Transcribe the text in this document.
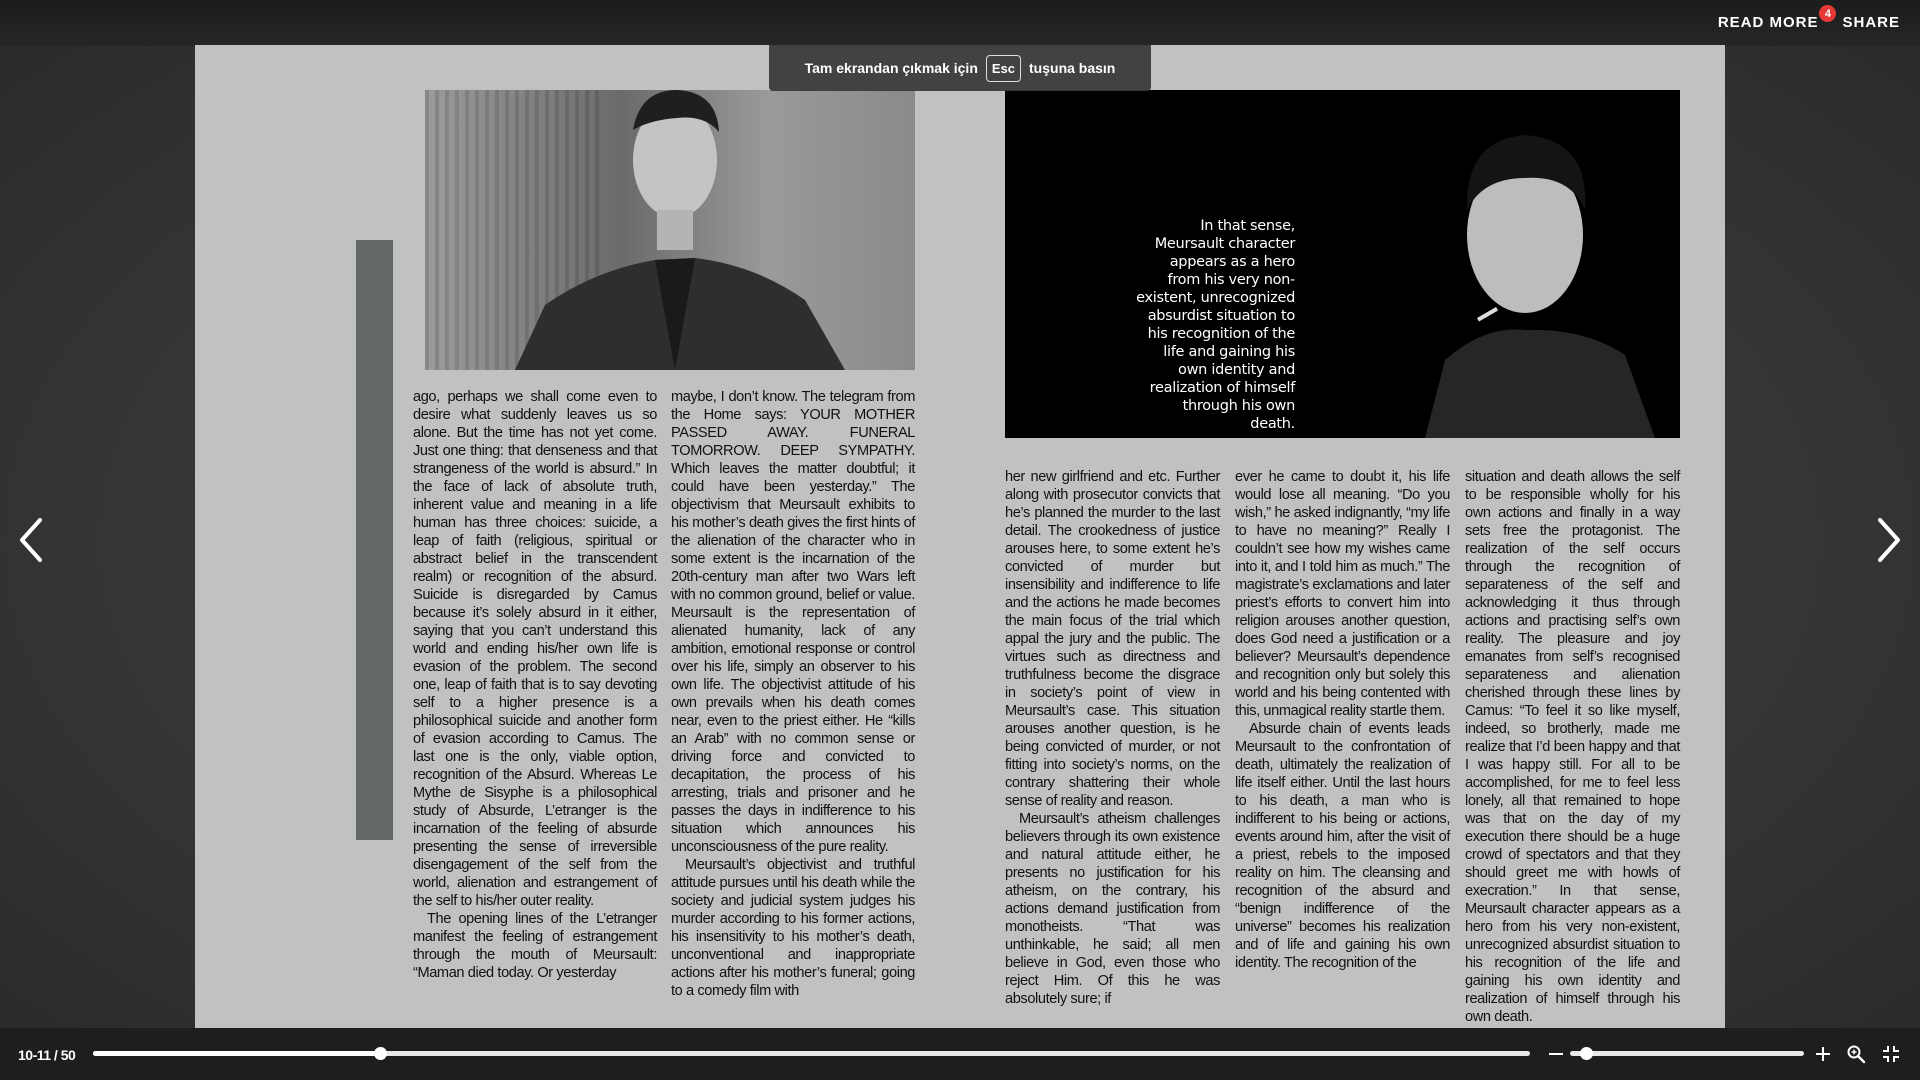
READ MORE
4
SHARE

ago, perhaps we shall come even to desire what suddenly leaves us so alone. But the time has not yet come. Just one thing: that denseness and that strangeness of the world is absurd.” In the face of lack of absolute truth, inherent value and meaning in a life human has three choices: suicide, a leap of faith (religious, spiritual or abstract belief in the transcendent realm) or recognition of the absurd. Suicide is disregarded by Camus because it’s solely absurd in it either, saying that you can’t understand this world and ending his/her own life is evasion of the problem. The second one, leap of faith that is to say devoting self to a higher presence is a philosophical suicide and another form of evasion according to Camus. The last one is the only, viable option, recognition of the Absurd. Whereas Le Mythe de Sisyphe is a philosophical study of Absurde, L’etranger is the incarnation of the feeling of absurde presenting the sense of irreversible disengagement of the self from the world, alienation and estrangement of the self to his/her outer reality.

The opening lines of the L’etranger manifest the feeling of estrangement through the mouth of Meursault: “Maman died today. Or yesterday

maybe, I don’t know. The telegram from the Home says: YOUR MOTHER PASSED AWAY. FUNERAL TOMORROW. DEEP SYMPATHY. Which leaves the matter doubtful; it could have been yesterday.” The objectivism that Meursault exhibits to his mother’s death gives the first hints of the alienation of the character who in some extent is the incarnation of the 20th-century man after two Wars left with no common ground, belief or value. Meursault is the representation of alienated humanity, lack of any ambition, emotional response or control over his life, simply an observer to his own life. The objectivist attitude of his own prevails when his death comes near, even to the priest either. He “kills an Arab” with no common sense or driving force and convicted to decapitation, the process of his arresting, trials and prisoner and he passes the days in indifference to his situation which announces his unconsciousness of the pure reality.

Meursault’s objectivist and truthful attitude pursues until his death while the society and judicial system judges his murder according to his former actions, his insensitivity to his mother’s death, unconventional and inappropriate actions after his mother’s funeral; going to a comedy film with

In that sense, Meursault character appears as a hero from his very non-existent, unrecognized absurdist situation to his recognition of the life and gaining his own identity and realization of himself through his own death.

her new girlfriend and etc. Further along with prosecutor convicts that he’s planned the murder to the last detail. The crookedness of justice arouses here, to some extent he’s convicted of murder but insensibility and indifference to life and the actions he made becomes the main focus of the trial which appal the jury and the public. The virtues such as directness and truthfulness become the disgrace in society’s point of view in Meursault’s case. This situation arouses another question, is he being convicted of murder, or not fitting into society’s norms, on the contrary shattering their whole sense of reality and reason.

Meursault’s atheism challenges believers through its own existence and natural attitude either, he presents no justification for his atheism, on the contrary, his actions demand justification from monotheists. “That was unthinkable, he said; all men believe in God, even those who reject Him. Of this he was absolutely sure; if

ever he came to doubt it, his life would lose all meaning. “Do you wish,” he asked indignantly, “my life to have no meaning?” Really I couldn’t see how my wishes came into it, and I told him as much.” The magistrate’s exclamations and later priest’s efforts to convert him into religion arouses another question, does God need a justification or a believer? Meursault’s dependence and recognition only but solely this world and his being contented with this, unmagical reality startle them.

Absurde chain of events leads Meursault to the confrontation of death, ultimately the realization of life itself either. Until the last hours to his death, a man who is indifferent to his being or actions, events around him, after the visit of a priest, rebels to the imposed reality on him. The cleansing and recognition of the absurd and “benign indifference of the universe” becomes his realization and of life and gaining his own identity. The recognition of the

situation and death allows the self to be responsible wholly for his own actions and finally in a way sets free the protagonist. The realization of the self occurs through the recognition of separateness of the self and acknowledging it thus through actions and practising self’s own reality. The pleasure and joy emanates from self’s recognised separateness and alienation cherished through these lines by Camus: “To feel it so like myself, indeed, so brotherly, made me realize that I’d been happy and that I was happy still. For all to be accomplished, for me to feel less lonely, all that remained to hope was that on the day of my execution there should be a huge crowd of spectators and that they should greet me with howls of execration.” In that sense, Meursault character appears as a hero from his very non-existent, unrecognized absurdist situation to his recognition of the life and gaining his own identity and realization of himself through his own death.

Tam ekrandan çıkmak için	Esc	tuşuna basın
10-11 / 50
